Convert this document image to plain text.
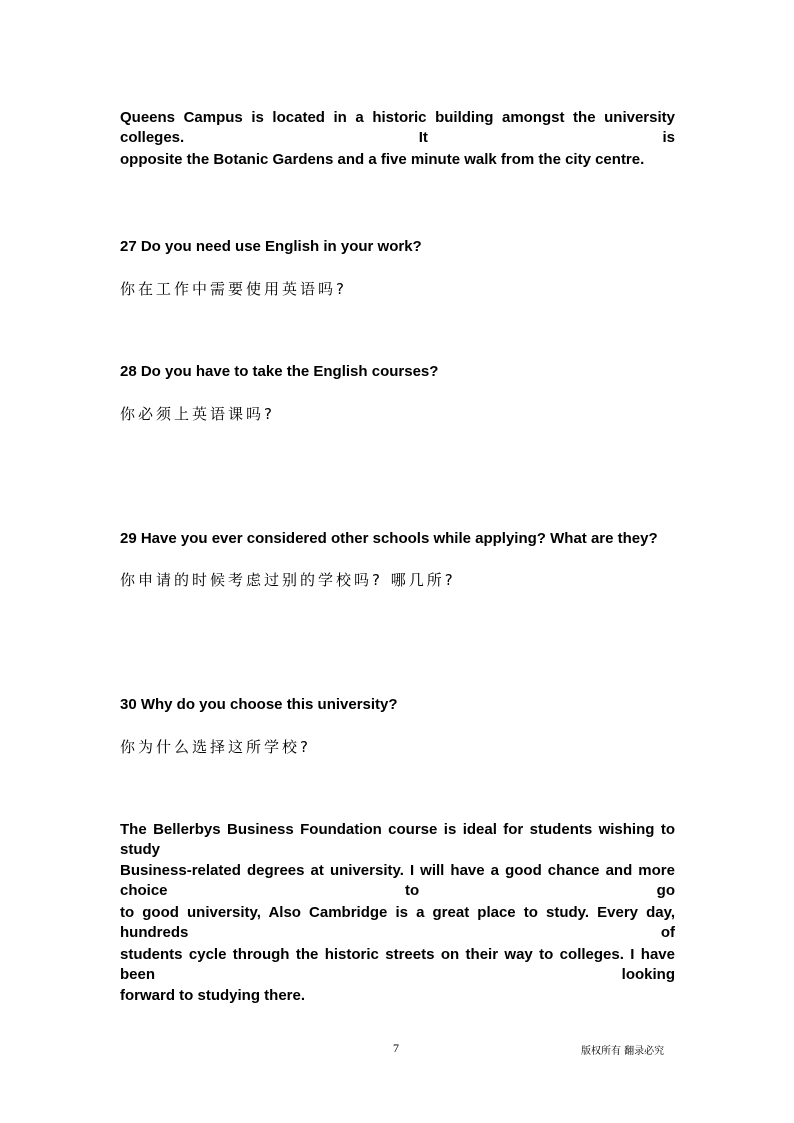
Queens Campus is located in a historic building amongst the university colleges. It is
opposite the Botanic Gardens and a five minute walk from the city centre.
27 Do you need use English in your work?
你在工作中需要使用英语吗?
28 Do you have to take the English courses?
你必须上英语课吗?
29 Have you ever considered other schools while applying? What are they?
你申请的时候考虑过别的学校吗? 哪几所?
30 Why do you choose this university?
你为什么选择这所学校?
The Bellerbys Business Foundation course is ideal for students wishing to study
Business-related degrees at university. I will have a good chance and more choice to go
to good university, Also Cambridge is a great place to study. Every day, hundreds of
students cycle through the historic streets on their way to colleges. I have been looking
forward to studying there.
7	版权所有 翻录必究
